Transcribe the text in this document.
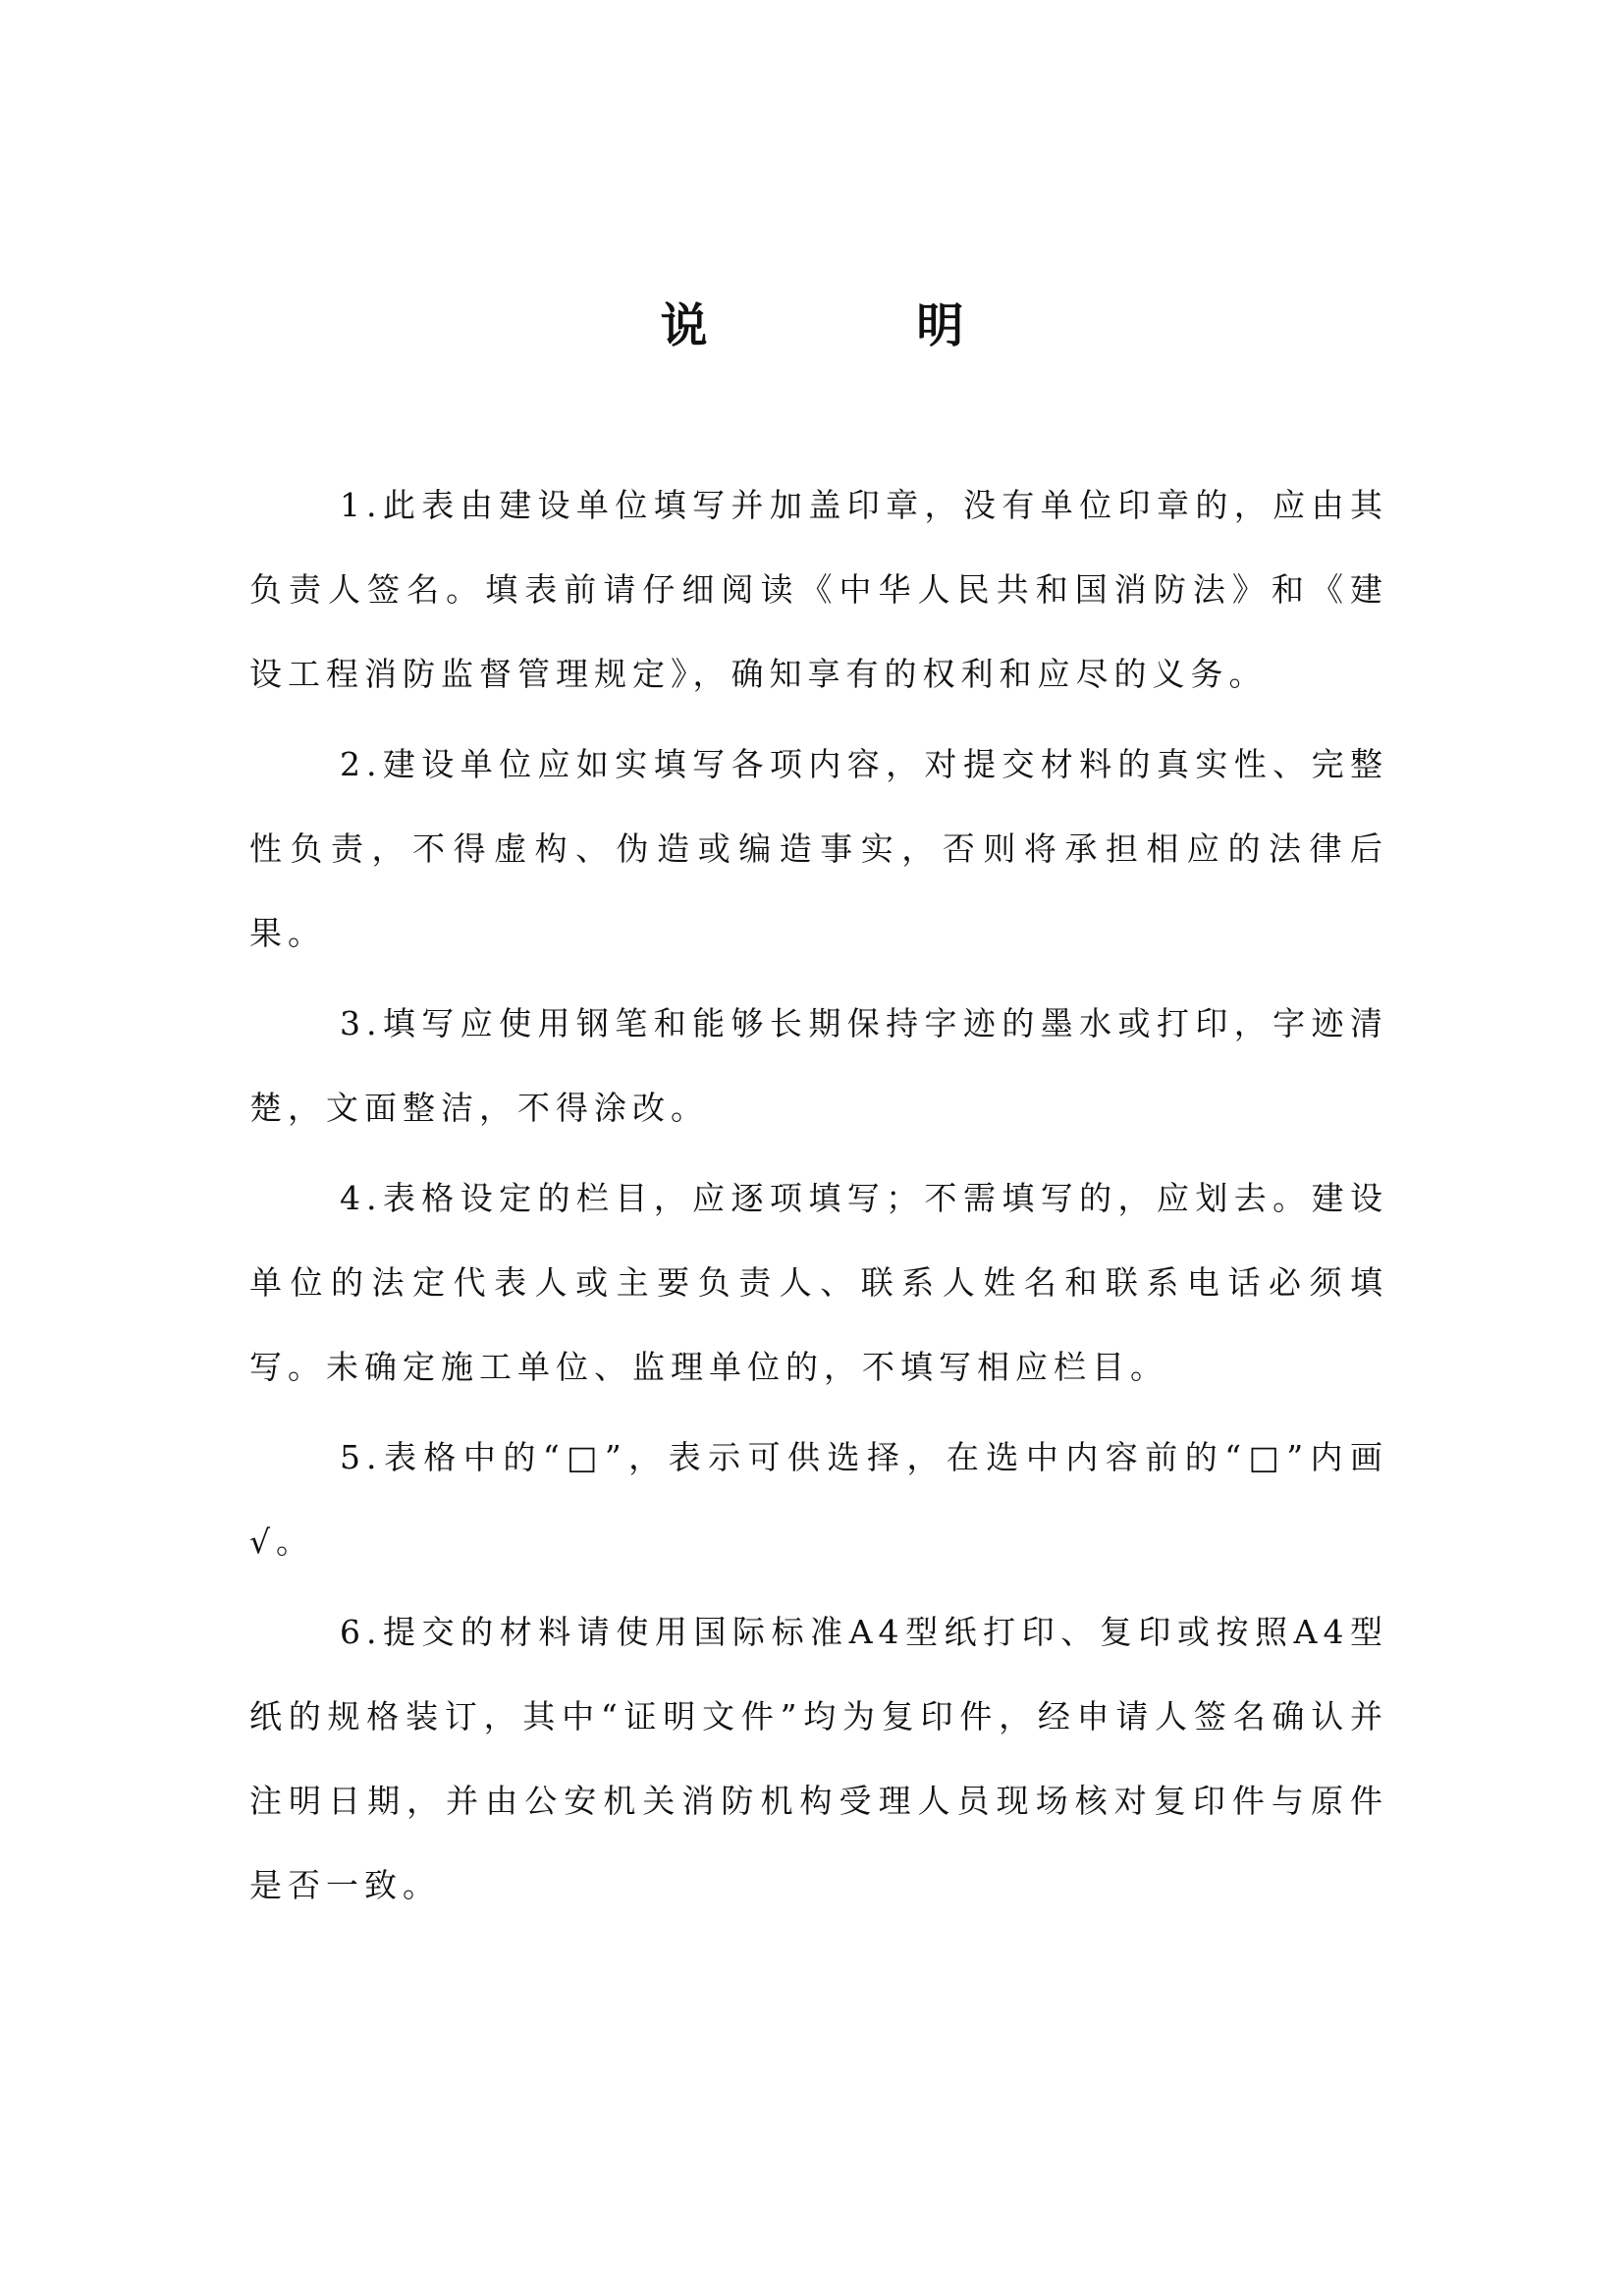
说 明

1.此表由建设单位填写并加盖印章，没有单位印章的，应由其负责人签名。填表前请仔细阅读《中华人民共和国消防法》和《建设工程消防监督管理规定》，确知享有的权利和应尽的义务。

2.建设单位应如实填写各项内容，对提交材料的真实性、完整性负责，不得虚构、伪造或编造事实，否则将承担相应的法律后果。

3.填写应使用钢笔和能够长期保持字迹的墨水或打印，字迹清楚，文面整洁，不得涂改。

4.表格设定的栏目，应逐项填写；不需填写的，应划去。建设单位的法定代表人或主要负责人、联系人姓名和联系电话必须填写。未确定施工单位、监理单位的，不填写相应栏目。

5.表格中的“□”，表示可供选择，在选中内容前的“□”内画√。

6.提交的材料请使用国际标准A4型纸打印、复印或按照A4型纸的规格装订，其中“证明文件”均为复印件，经申请人签名确认并注明日期，并由公安机关消防机构受理人员现场核对复印件与原件是否一致。
